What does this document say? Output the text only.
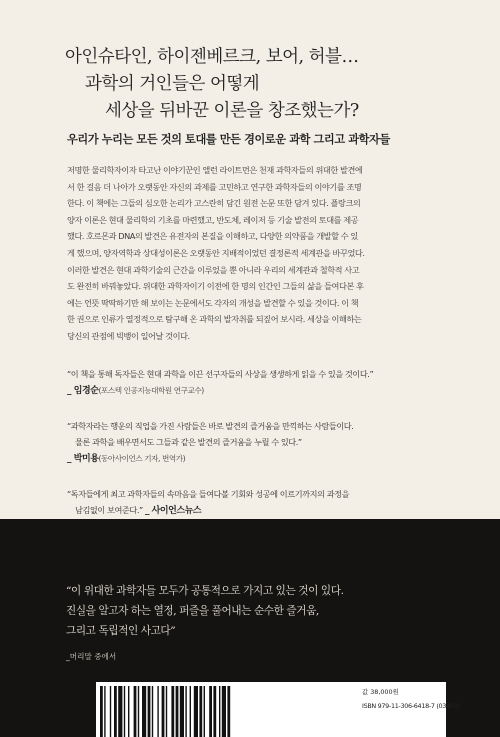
아인슈타인, 하이젠베르크, 보어, 허블…
과학의 거인들은 어떻게
세상을 뒤바꾼 이론을 창조했는가?
우리가 누리는 모든 것의 토대를 만든 경이로운 과학 그리고 과학자들
저명한 물리학자이자 타고난 이야기꾼인 앨런 라이트먼은 천재 과학자들의 위대한 발견에
서 한 걸음 더 나아가 오랫동안 자신의 과제를 고민하고 연구한 과학자들의 이야기를 조명
한다. 이 책에는 그들의 심오한 논리가 고스란히 담긴 원전 논문 또한 담겨 있다. 플랑크의
양자 이론은 현대 물리학의 기초를 마련했고, 반도체, 레이저 등 기술 발전의 토대를 제공
했다. 호르몬과 DNA의 발견은 유전자의 본질을 이해하고, 다양한 의약품을 개발할 수 있
게 했으며, 양자역학과 상대성이론은 오랫동안 지배적이었던 결정론적 세계관을 바꾸었다.
이러한 발견은 현대 과학기술의 근간을 이루었을 뿐 아니라 우리의 세계관과 철학적 사고
도 완전히 바꿔놓았다. 위대한 과학자이기 이전에 한 명의 인간인 그들의 삶을 들여다본 후
에는 언뜻 딱딱하기만 해 보이는 논문에서도 각자의 개성을 발견할 수 있을 것이다. 이 책
한 권으로 인류가 열정적으로 탐구해 온 과학의 발자취를 되짚어 보시라. 세상을 이해하는
당신의 관점에 빅뱅이 일어날 것이다.
“이 책을 통해 독자들은 현대 과학을 이끈 선구자들의 사상을 생생하게 읽을 수 있을 것이다.”
_ 임경순(포스텍 인공지능대학원 연구교수)
“과학자라는 행운의 직업을 가진 사람들은 바로 발견의 즐거움을 만끽하는 사람들이다.
물론 과학을 배우면서도 그들과 같은 발견의 즐거움을 누릴 수 있다.”
_ 박미용(동아사이언스 기자, 번역가)
“독자들에게 최고 과학자들의 속마음을 들여다볼 기회와 성공에 이르기까지의 과정을
남김없이 보여준다.” _ 사이언스뉴스
“이 위대한 과학자들 모두가 공통적으로 가지고 있는 것이 있다.
진실을 알고자 하는 열정, 퍼즐을 풀어내는 순수한 즐거움,
그리고 독립적인 사고다”
_머리말 중에서
값 38,000원
ISBN 979-11-306-6418-7 (03400)
